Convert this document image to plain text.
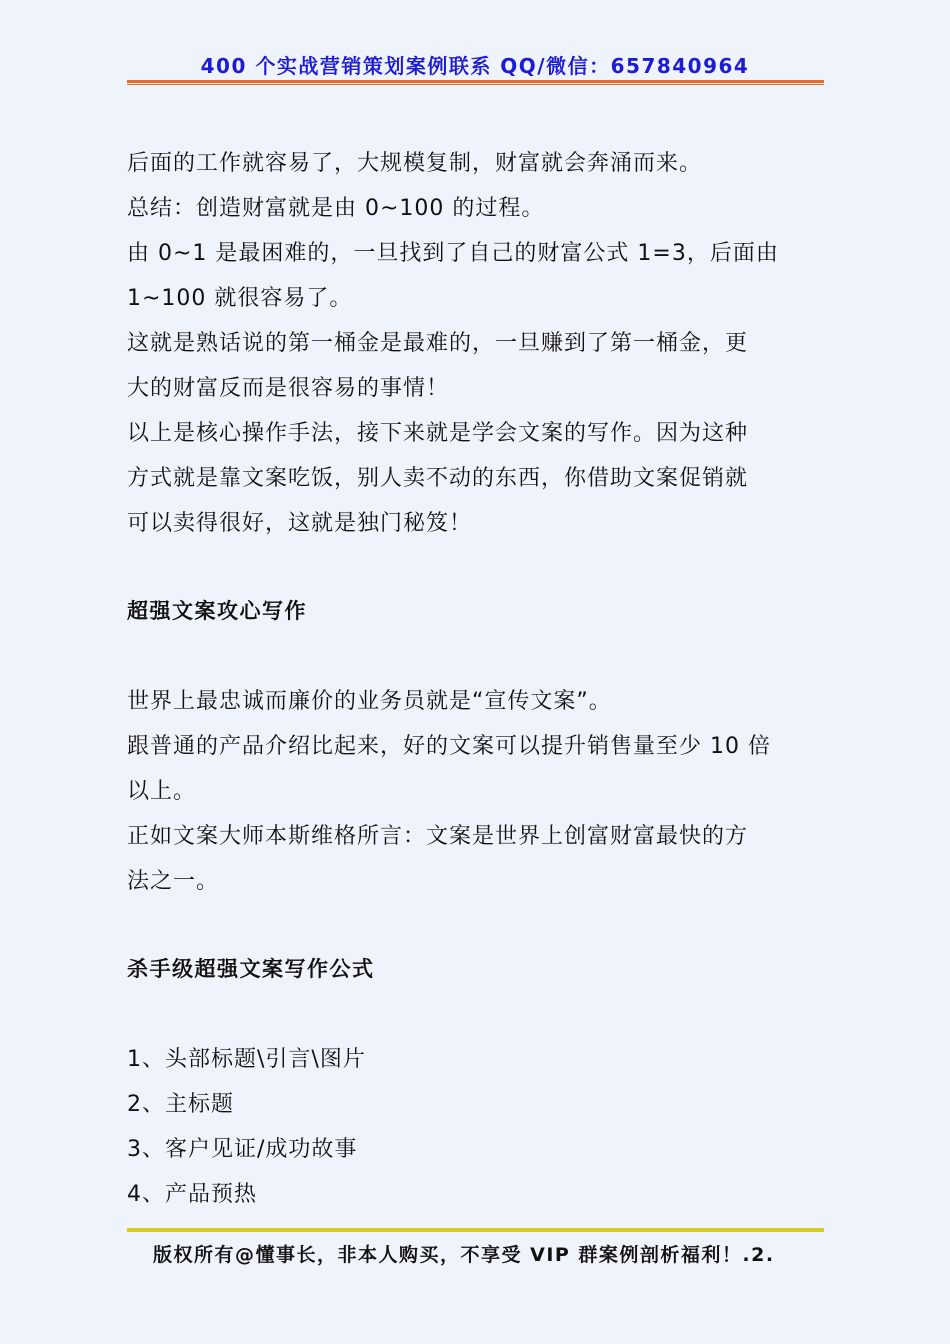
400 个实战营销策划案例联系 QQ/微信：657840964
后面的工作就容易了，大规模复制，财富就会奔涌而来。
总结：创造财富就是由 0~100 的过程。
由 0~1 是最困难的，一旦找到了自己的财富公式 1=3，后面由
1~100 就很容易了。
这就是熟话说的第一桶金是最难的，一旦赚到了第一桶金，更
大的财富反而是很容易的事情！
以上是核心操作手法，接下来就是学会文案的写作。因为这种
方式就是靠文案吃饭，别人卖不动的东西，你借助文案促销就
可以卖得很好，这就是独门秘笈！
超强文案攻心写作
世界上最忠诚而廉价的业务员就是“宣传文案”。
跟普通的产品介绍比起来，好的文案可以提升销售量至少 10 倍
以上。
正如文案大师本斯维格所言：文案是世界上创富财富最快的方
法之一。
杀手级超强文案写作公式
1、头部标题\引言\图片
2、主标题
3、客户见证/成功故事
4、产品预热
版权所有@懂事长，非本人购买，不享受 VIP 群案例剖析福利！.2.
